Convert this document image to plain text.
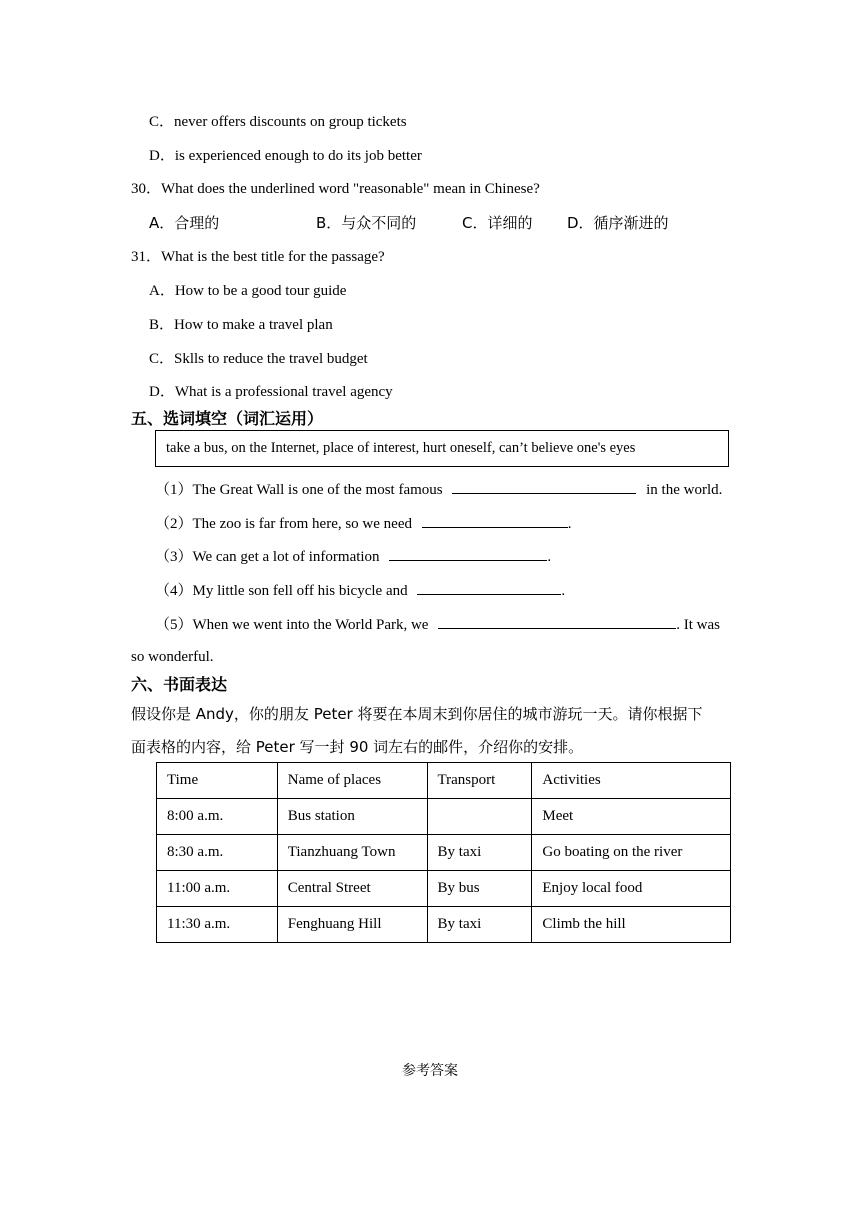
C．never offers discounts on group tickets
D．is experienced enough to do its job better
30．What does the underlined word "reasonable" mean in Chinese?
A．合理的	B．与众不同的	C．详细的 D．循序渐进的
31．What is the best title for the passage?
A．How to be a good tour guide
B．How to make a travel plan
C．Sklls to reduce the travel budget
D．What is a professional travel agency
五、选词填空（词汇运用）
take a bus, on the Internet, place of interest, hurt oneself, can’t believe one's eyes
（1）The Great Wall is one of the most famous	in the world.
（2）The zoo is far from here, so we need	.
（3）We can get a lot of information	.
（4）My little son fell off his bicycle and	.
（5）When we went into the World Park, we	. It was
so wonderful.
六、书面表达
假设你是 Andy，你的朋友 Peter 将要在本周末到你居住的城市游玩一天。请你根据下
面表格的内容，给 Peter 写一封 90 词左右的邮件，介绍你的安排。
Time	Name of places	Transport	Activities
8:00 a.m.	Bus station		Meet
8:30 a.m.	Tianzhuang Town	By taxi	Go boating on the river
11:00 a.m.	Central Street	By bus	Enjoy local food
11:30 a.m.	Fenghuang Hill	By taxi	Climb the hill
参考答案
